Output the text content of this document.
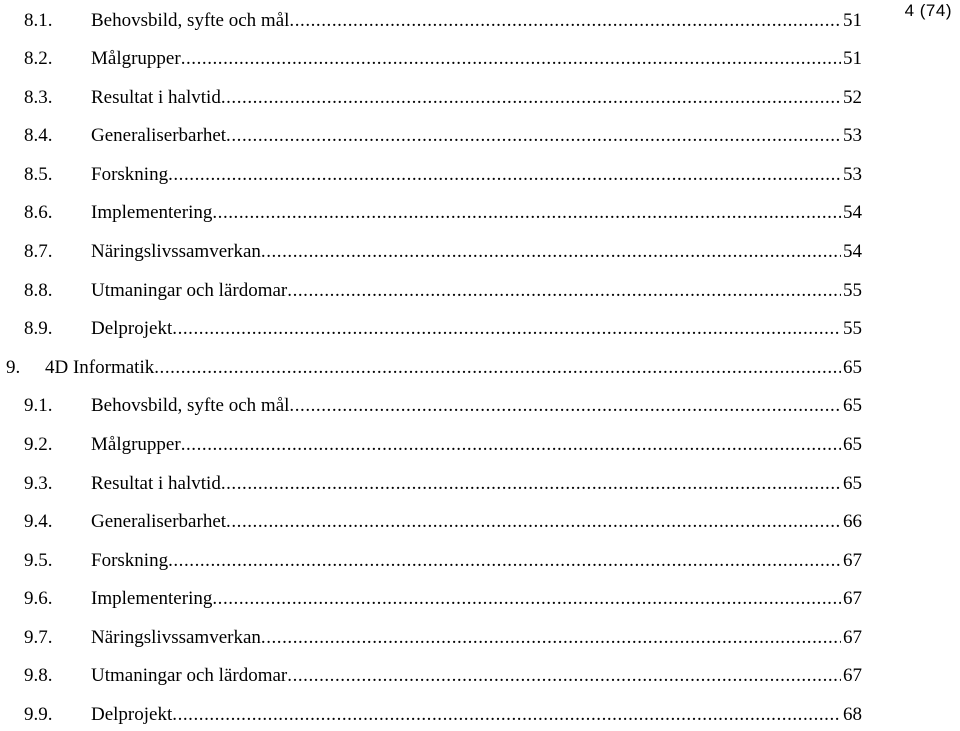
4 (74)
8.1. Behovsbild, syfte och mål . . .	51
8.2. Målgrupper . . .	51
8.3. Resultat i halvtid . . .	52
8.4. Generaliserbarhet . . .	53
8.5. Forskning . . .	53
8.6. Implementering . . .	54
8.7. Näringslivssamverkan . . .	54
8.8. Utmaningar och lärdomar . . .	55
8.9. Delprojekt . . .	55
9. 4D Informatik . . .	65
9.1. Behovsbild, syfte och mål . . .	65
9.2. Målgrupper . . .	65
9.3. Resultat i halvtid . . .	65
9.4. Generaliserbarhet . . .	66
9.5. Forskning . . .	67
9.6. Implementering . . .	67
9.7. Näringslivssamverkan . . .	67
9.8. Utmaningar och lärdomar . . .	67
9.9. Delprojekt . . .	68
